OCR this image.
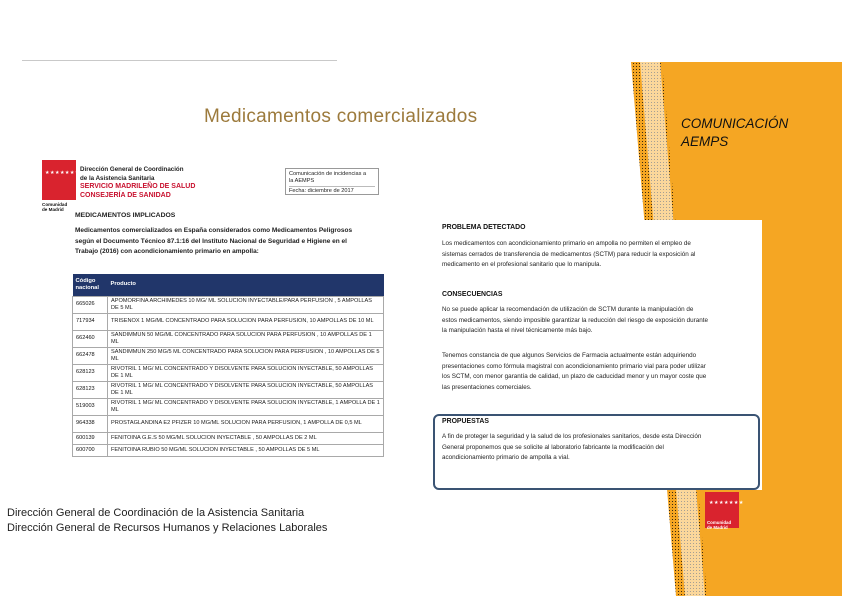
Medicamentos comercializados	COMUNICACIÓN
AEMPS
★★★★★★★
Comunidad
de Madrid
Dirección General de Coordinación
de la Asistencia Sanitaria
SERVICIO MADRILEÑO DE SALUD
CONSEJERÍA DE SANIDAD
Comunicación de incidencias a
la AEMPS
Fecha: diciembre de 2017
MEDICAMENTOS IMPLICADOS
Medicamentos comercializados en España considerados como Medicamentos Peligrosos
según el Documento Técnico 87.1:16 del Instituto Nacional de Seguridad e Higiene en el
Trabajo (2016) con acondicionamiento primario en ampolla:
Código nacional	Producto
665026	APOMORFINA ARCHIMEDES 10 MG/ ML SOLUCION INYECTABLE/PARA PERFUSION , 5 AMPOLLAS DE 5 ML
717934	TRISENOX 1 MG/ML CONCENTRADO PARA SOLUCION PARA PERFUSION, 10 AMPOLLAS DE 10 ML
662460	SANDIMMUN 50 MG/ML CONCENTRADO PARA SOLUCION PARA PERFUSION , 10 AMPOLLAS DE 1 ML
662478	SANDIMMUN 250 MG/5 ML CONCENTRADO PARA SOLUCION PARA PERFUSION , 10 AMPOLLAS DE 5 ML
628123	RIVOTRIL 1 MG/ ML CONCENTRADO Y DISOLVENTE PARA SOLUCION INYECTABLE, 50 AMPOLLAS DE 1 ML
628123	RIVOTRIL 1 MG/ ML CONCENTRADO Y DISOLVENTE PARA SOLUCION INYECTABLE, 50 AMPOLLAS DE 1 ML
519003	RIVOTRIL 1 MG/ ML CONCENTRADO Y DISOLVENTE PARA SOLUCION INYECTABLE, 1 AMPOLLA DE 1 ML
964338	PROSTAGLANDINA E2 PFIZER 10 MG/ML SOLUCION PARA PERFUSION, 1 AMPOLLA DE 0,5 ML
600139	FENITOINA G.E.S 50 MG/ML SOLUCION INYECTABLE , 50 AMPOLLAS DE 2 ML
600700	FENITOINA RUBIO 50 MG/ML SOLUCION INYECTABLE , 50 AMPOLLAS DE 5 ML
Dirección General de Coordinación de la Asistencia Sanitaria
Dirección General de Recursos Humanos y Relaciones Laborales
PROBLEMA DETECTADO
Los medicamentos con acondicionamiento primario en ampolla no permiten el empleo de
sistemas cerrados de transferencia de medicamentos (SCTM) para reducir la exposición al
medicamento en el profesional sanitario que lo manipula.
CONSECUENCIAS
No se puede aplicar la recomendación de utilización de SCTM durante la manipulación de
estos medicamentos, siendo imposible garantizar la reducción del riesgo de exposición durante
la manipulación hasta el nivel técnicamente más bajo.
Tenemos constancia de que algunos Servicios de Farmacia actualmente están adquiriendo
presentaciones como fórmula magistral con acondicionamiento primario vial para poder utilizar
los SCTM, con menor garantía de calidad, un plazo de caducidad menor y un mayor coste que
las presentaciones comerciales.
PROPUESTAS
A fin de proteger la seguridad y la salud de los profesionales sanitarios, desde esta Dirección
General proponemos que se solicite al laboratorio fabricante la modificación del
acondicionamiento primario de ampolla a vial.
★★★★★★★
Comunidad
de Madrid
